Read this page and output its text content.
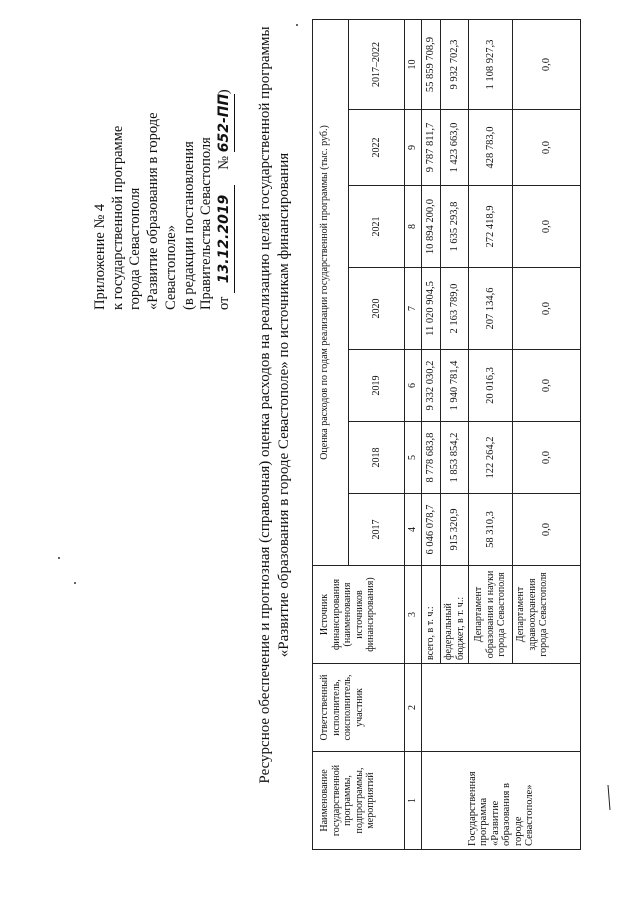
Приложение № 4 к государственной программе города Севастополя «Развитие образования в городе Севастополе» (в редакции постановления Правительства Севастополя от 13.12.2019  № 652-ПП) Ресурсное обеспечение и прогнозная (справочная) оценка расходов на реализацию целей государственной программы «Развитие образования в городе Севастополе» по источникам финансирования
Наименование государственной программы, подпрограммы, мероприятий	Ответственный исполнитель, соисполнитель, участник	Источник финансирования (наименования источников финансирования)	Оценка расходов по годам реализации государственной программы (тыс. руб.)						
			2017	2018	2019	2020	2021	2022	2017–2022
1	2	3	4	5	6	7	8	9	10
Государственная программа «Развитие образования в городе Севастополе»		всего, в т. ч.:	6 046 078,7	8 778 683,8	9 332 030,2	11 020 904,5	10 894 200,0	9 787 811,7	55 859 708,9
		федеральный бюджет, в т. ч.:	915 320,9	1 853 854,2	1 940 781,4	2 163 789,0	1 635 293,8	1 423 663,0	9 932 702,3
		Департамент образования и науки города Севастополя	58 310,3	122 264,2	20 016,3	207 134,6	272 418,9	428 783,0	1 108 927,3
		Департамент здравоохранения города Севастополя	0,0	0,0	0,0	0,0	0,0	0,0	0,0
